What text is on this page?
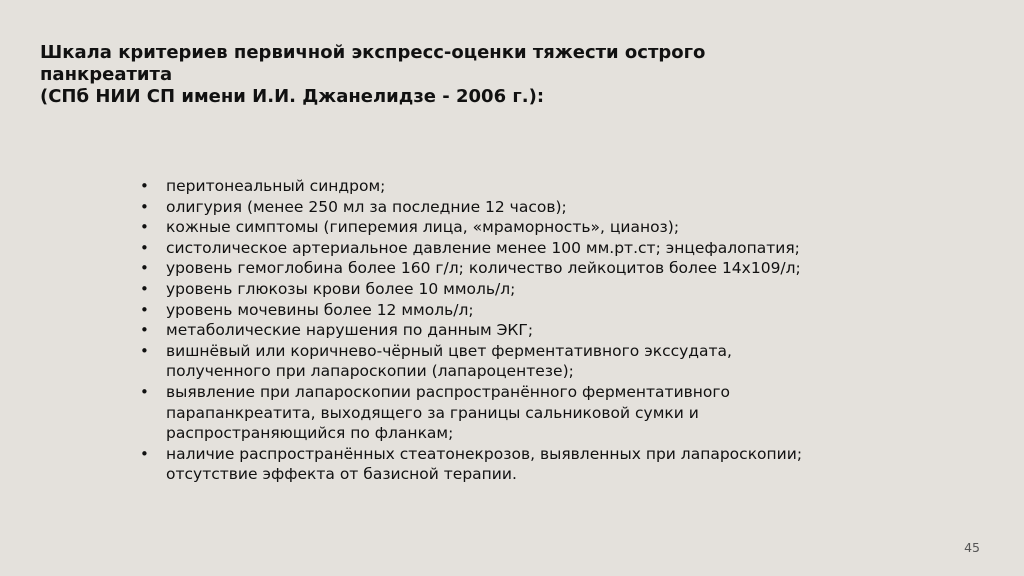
Шкала критериев первичной экспресс-оценки тяжести острого
панкреатита
(СПб НИИ СП имени И.И. Джанелидзе - 2006 г.):
• перитонеальный синдром;
• олигурия (менее 250 мл за последние 12 часов);
• кожные симптомы (гиперемия лица, «мраморность», цианоз);
• систолическое артериальное давление менее 100 мм.рт.ст; энцефалопатия;
• уровень гемоглобина более 160 г/л; количество лейкоцитов более 14х109/л;
• уровень глюкозы крови более 10 ммоль/л;
• уровень мочевины более 12 ммоль/л;
• метаболические нарушения по данным ЭКГ;
• вишнёвый или коричнево-чёрный цвет ферментативного экссудата, полученного при лапароскопии (лапароцентезе);
• выявление при лапароскопии распространённого ферментативного парапанкреатита, выходящего за границы сальниковой сумки и распространяющийся по фланкам;
• наличие распространённых стеатонекрозов, выявленных при лапароскопии; отсутствие эффекта от базисной терапии.
45
